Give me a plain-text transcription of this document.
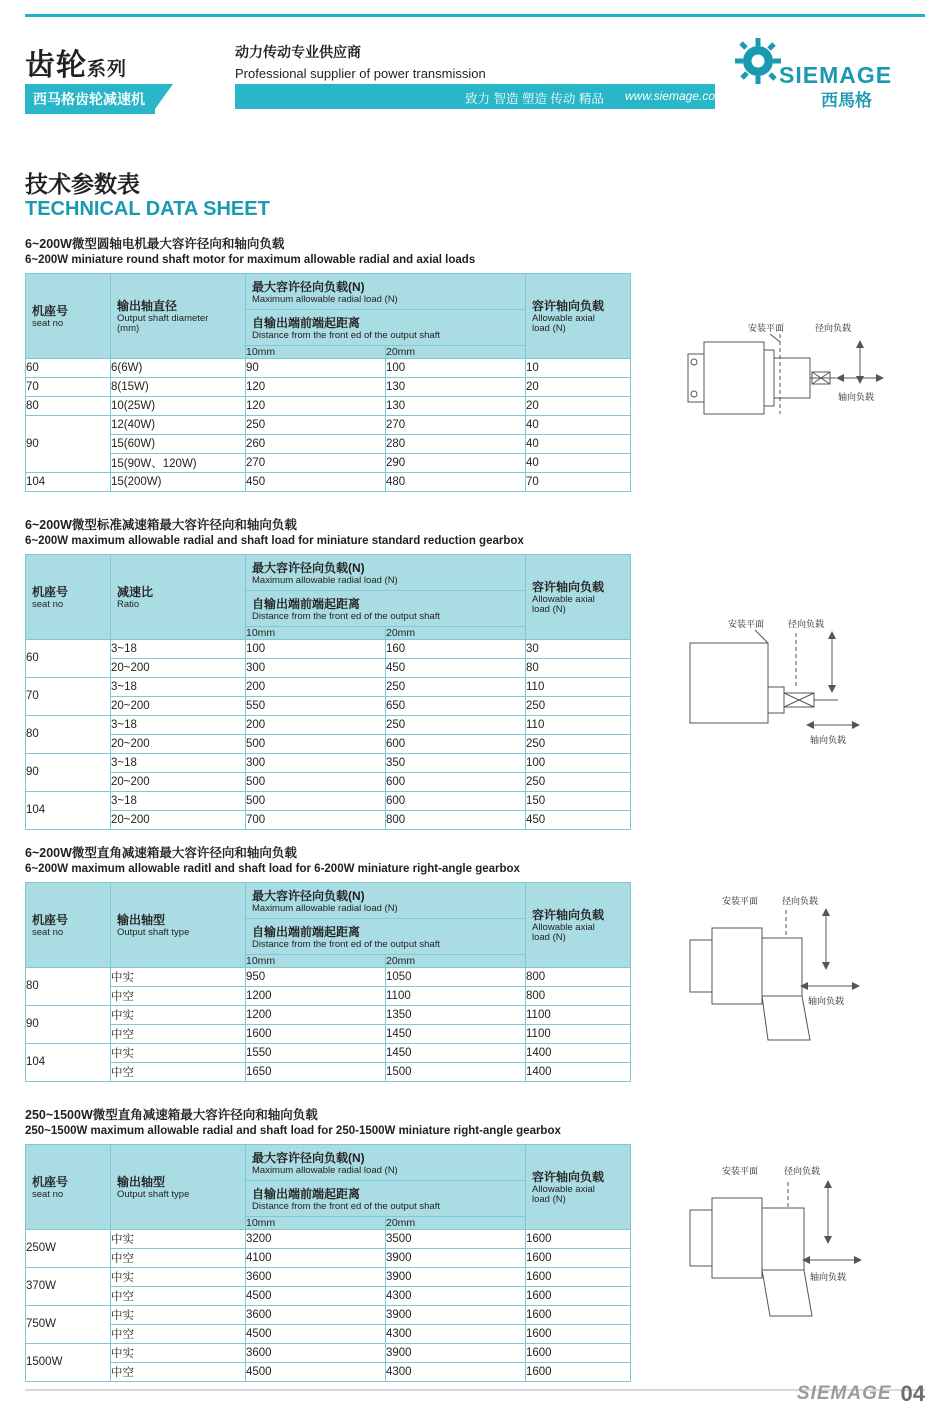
齿轮系列
西马格齿轮减速机
动力传动专业供应商
Professional supplier of power transmission
致力 智造 塑造 传动 精品 www.siemage.com
SIEMAGE
西馬格
技术参数表
TECHNICAL DATA SHEET
6~200W微型圆轴电机最大容许径向和轴向负载
6~200W miniature round shaft motor for maximum allowable radial and axial loads
机座号
seat no

输出轴直径
Output shaft diameter
(mm)

最大容许径向负载(N)
Maximum allowable radial load (N)
自输出端前端起距离
Distance from the front ed of the output shaft

容许轴向负载
Allowable axial
load (N)

		10mm	20mm	
60	6(6W)	90	100	10
70	8(15W)	120	130	20
80	10(25W)	120	130	20
90	12(40W)	250	270	40
	15(60W)	260	280	40
	15(90W、120W)	270	290	40
104	15(200W)	450	480	70
安装平面	径向负载
轴向负载
6~200W微型标准减速箱最大容许径向和轴向负载
6~200W maximum allowable radial and shaft load for miniature standard reduction gearbox
机座号
seat no

减速比
Ratio

最大容许径向负载(N)
Maximum allowable radial load (N)
自输出端前端起距离
Distance from the front ed of the output shaft

容许轴向负载
Allowable axial
load (N)

		10mm	20mm	
60	3~18	100	160	30
	20~200	300	450	80
70	3~18	200	250	110
	20~200	550	650	250
80	3~18	200	250	110
	20~200	500	600	250
90	3~18	300	350	100
	20~200	500	600	250
104	3~18	500	600	150
	20~200	700	800	450
安装平面	径向负载
轴向负载
6~200W微型直角减速箱最大容许径向和轴向负载
6~200W maximum allowable raditl and shaft load for 6-200W miniature right-angle gearbox
机座号
seat no

输出轴型
Output shaft type

最大容许径向负载(N)
Maximum allowable radial load (N)
自输出端前端起距离
Distance from the front ed of the output shaft

容许轴向负载
Allowable axial
load (N)

		10mm	20mm	
80	中实	950	1050	800
	中空	1200	1100	800
90	中实	1200	1350	1100
	中空	1600	1450	1100
104	中实	1550	1450	1400
	中空	1650	1500	1400
安装平面	径向负载
轴向负载
250~1500W微型直角减速箱最大容许径向和轴向负载
250~1500W maximum allowable radial and shaft load for 250-1500W miniature right-angle gearbox
机座号
seat no

输出轴型
Output shaft type

最大容许径向负载(N)
Maximum allowable radial load (N)
自输出端前端起距离
Distance from the front ed of the output shaft

容许轴向负载
Allowable axial
load (N)

		10mm	20mm	
250W	中实	3200	3500	1600
	中空	4100	3900	1600
370W	中实	3600	3900	1600
	中空	4500	4300	1600
750W	中实	3600	3900	1600
	中空	4500	4300	1600
1500W	中实	3600	3900	1600
	中空	4500	4300	1600
安装平面	径向负载
轴向负载
SIEMAGE 04
